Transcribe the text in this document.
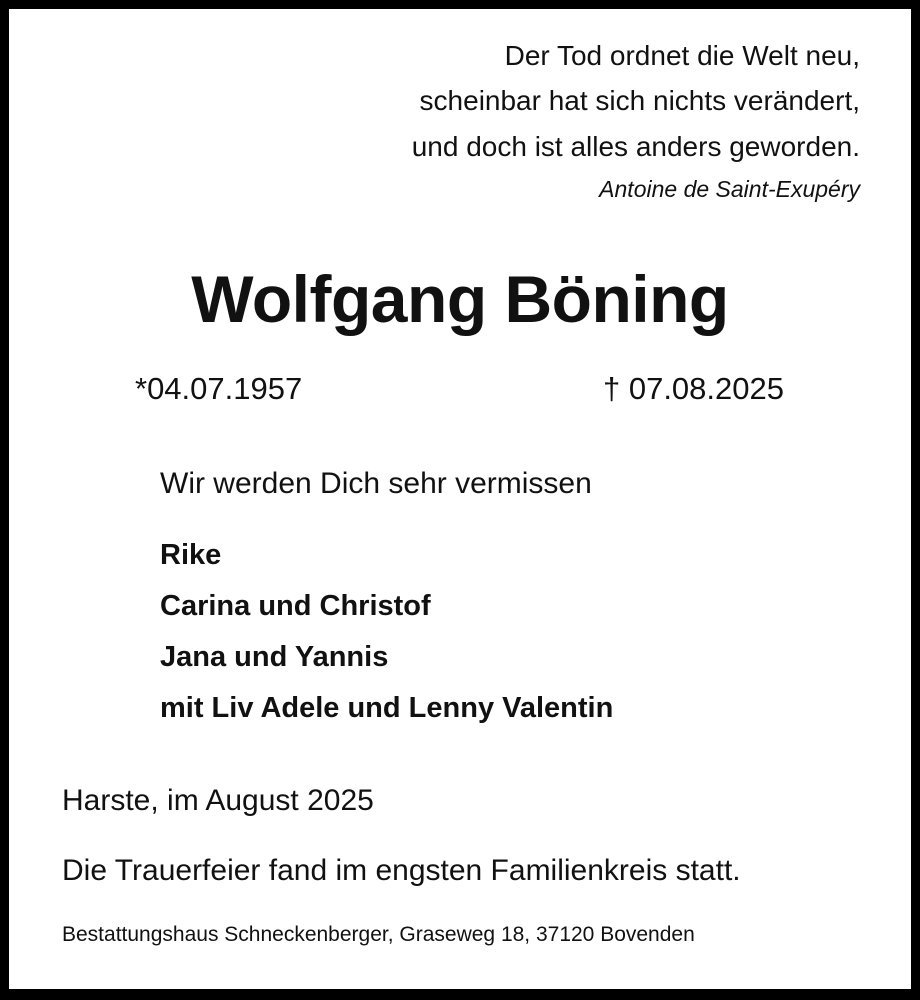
Der Tod ordnet die Welt neu,
scheinbar hat sich nichts verändert,
und doch ist alles anders geworden.
Antoine de Saint-Exupéry
Wolfgang Böning
*04.07.1957	† 07.08.2025
Wir werden Dich sehr vermissen
Rike
Carina und Christof
Jana und Yannis
mit Liv Adele und Lenny Valentin
Harste, im August 2025
Die Trauerfeier fand im engsten Familienkreis statt.
Bestattungshaus Schneckenberger, Graseweg 18, 37120 Bovenden
